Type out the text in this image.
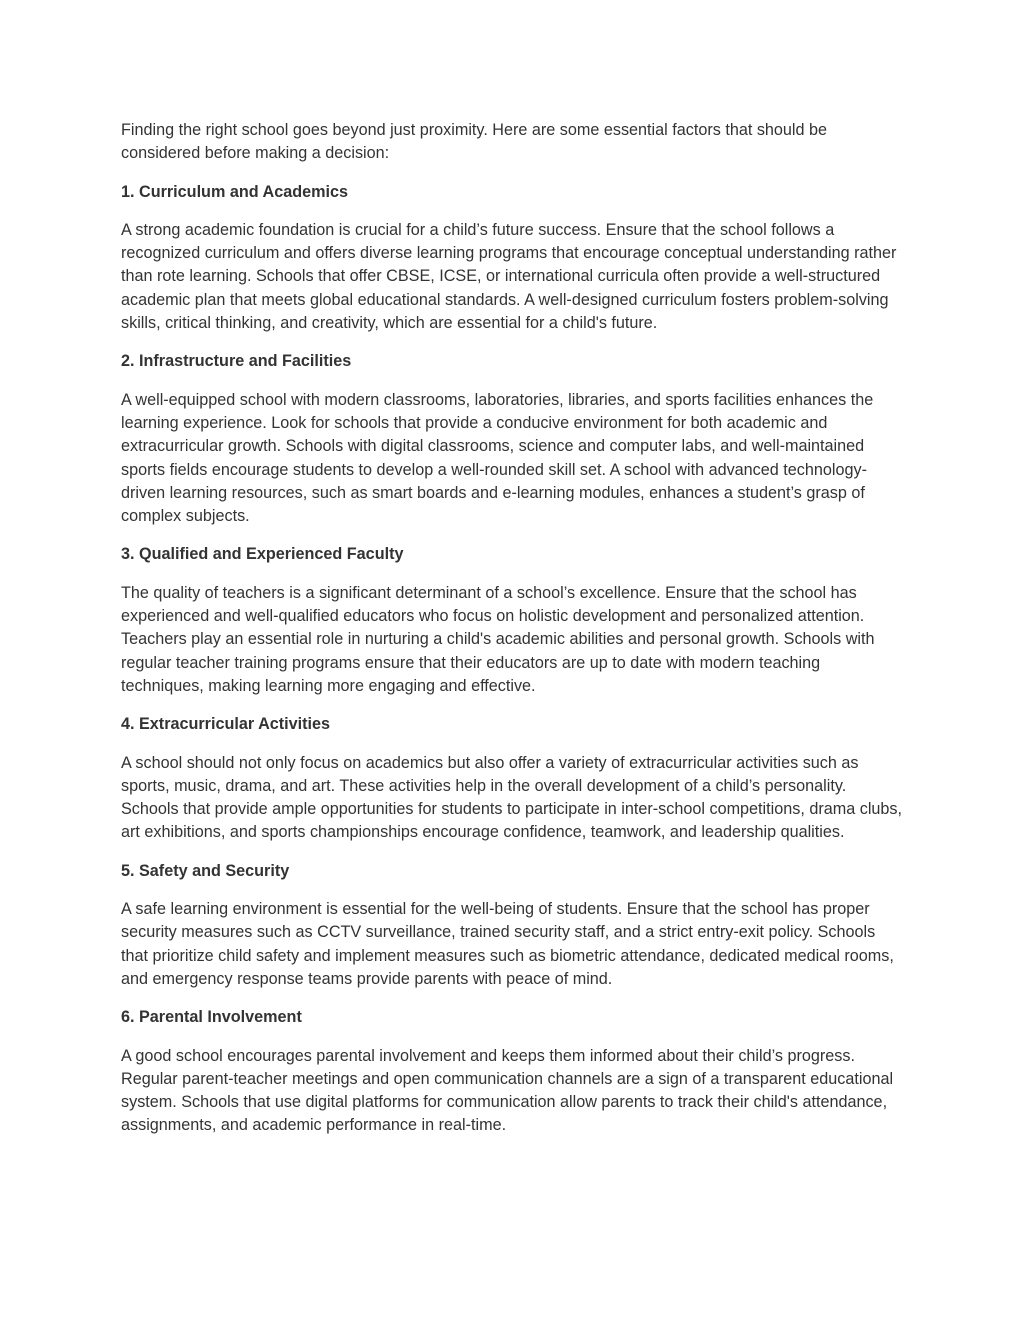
Finding the right school goes beyond just proximity. Here are some essential factors that should be considered before making a decision:

1. Curriculum and Academics

A strong academic foundation is crucial for a child’s future success. Ensure that the school follows a recognized curriculum and offers diverse learning programs that encourage conceptual understanding rather than rote learning. Schools that offer CBSE, ICSE, or international curricula often provide a well-structured academic plan that meets global educational standards. A well-designed curriculum fosters problem-solving skills, critical thinking, and creativity, which are essential for a child's future.

2. Infrastructure and Facilities

A well-equipped school with modern classrooms, laboratories, libraries, and sports facilities enhances the learning experience. Look for schools that provide a conducive environment for both academic and extracurricular growth. Schools with digital classrooms, science and computer labs, and well-maintained sports fields encourage students to develop a well-rounded skill set. A school with advanced technology-driven learning resources, such as smart boards and e-learning modules, enhances a student’s grasp of complex subjects.

3. Qualified and Experienced Faculty

The quality of teachers is a significant determinant of a school’s excellence. Ensure that the school has experienced and well-qualified educators who focus on holistic development and personalized attention. Teachers play an essential role in nurturing a child's academic abilities and personal growth. Schools with regular teacher training programs ensure that their educators are up to date with modern teaching techniques, making learning more engaging and effective.

4. Extracurricular Activities

A school should not only focus on academics but also offer a variety of extracurricular activities such as sports, music, drama, and art. These activities help in the overall development of a child’s personality. Schools that provide ample opportunities for students to participate in inter-school competitions, drama clubs, art exhibitions, and sports championships encourage confidence, teamwork, and leadership qualities.

5. Safety and Security

A safe learning environment is essential for the well-being of students. Ensure that the school has proper security measures such as CCTV surveillance, trained security staff, and a strict entry-exit policy. Schools that prioritize child safety and implement measures such as biometric attendance, dedicated medical rooms, and emergency response teams provide parents with peace of mind.

6. Parental Involvement

A good school encourages parental involvement and keeps them informed about their child’s progress. Regular parent-teacher meetings and open communication channels are a sign of a transparent educational system. Schools that use digital platforms for communication allow parents to track their child's attendance, assignments, and academic performance in real-time.
